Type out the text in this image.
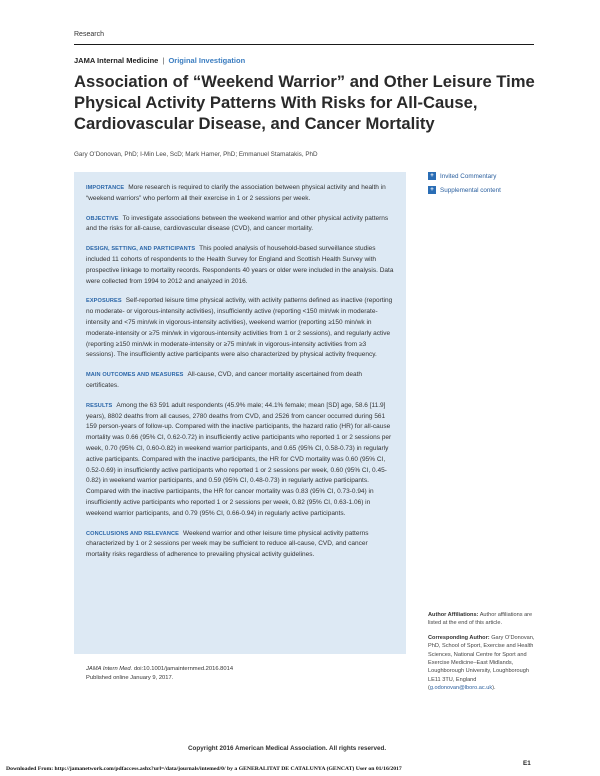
Research
JAMA Internal Medicine | Original Investigation
Association of “Weekend Warrior” and Other Leisure Time Physical Activity Patterns With Risks for All-Cause, Cardiovascular Disease, and Cancer Mortality
Gary O’Donovan, PhD; I-Min Lee, ScD; Mark Hamer, PhD; Emmanuel Stamatakis, PhD
+ Invited Commentary
+ Supplemental content
IMPORTANCE More research is required to clarify the association between physical activity and health in “weekend warriors” who perform all their exercise in 1 or 2 sessions per week.
OBJECTIVE To investigate associations between the weekend warrior and other physical activity patterns and the risks for all-cause, cardiovascular disease (CVD), and cancer mortality.
DESIGN, SETTING, AND PARTICIPANTS This pooled analysis of household-based surveillance studies included 11 cohorts of respondents to the Health Survey for England and Scottish Health Survey with prospective linkage to mortality records. Respondents 40 years or older were included in the analysis. Data were collected from 1994 to 2012 and analyzed in 2016.
EXPOSURES Self-reported leisure time physical activity, with activity patterns defined as inactive (reporting no moderate- or vigorous-intensity activities), insufficiently active (reporting <150 min/wk in moderate-intensity and <75 min/wk in vigorous-intensity activities), weekend warrior (reporting ≥150 min/wk in moderate-intensity or ≥75 min/wk in vigorous-intensity activities from 1 or 2 sessions), and regularly active (reporting ≥150 min/wk in moderate-intensity or ≥75 min/wk in vigorous-intensity activities from ≥3 sessions). The insufficiently active participants were also characterized by physical activity frequency.
MAIN OUTCOMES AND MEASURES All-cause, CVD, and cancer mortality ascertained from death certificates.
RESULTS Among the 63 591 adult respondents (45.9% male; 44.1% female; mean [SD] age, 58.6 [11.9] years), 8802 deaths from all causes, 2780 deaths from CVD, and 2526 from cancer occurred during 561 159 person-years of follow-up. Compared with the inactive participants, the hazard ratio (HR) for all-cause mortality was 0.66 (95% CI, 0.62-0.72) in insufficiently active participants who reported 1 or 2 sessions per week, 0.70 (95% CI, 0.60-0.82) in weekend warrior participants, and 0.65 (95% CI, 0.58-0.73) in regularly active participants. Compared with the inactive participants, the HR for CVD mortality was 0.60 (95% CI, 0.52-0.69) in insufficiently active participants who reported 1 or 2 sessions per week, 0.60 (95% CI, 0.45-0.82) in weekend warrior participants, and 0.59 (95% CI, 0.48-0.73) in regularly active participants. Compared with the inactive participants, the HR for cancer mortality was 0.83 (95% CI, 0.73-0.94) in insufficiently active participants who reported 1 or 2 sessions per week, 0.82 (95% CI, 0.63-1.06) in weekend warrior participants, and 0.79 (95% CI, 0.66-0.94) in regularly active participants.
CONCLUSIONS AND RELEVANCE Weekend warrior and other leisure time physical activity patterns characterized by 1 or 2 sessions per week may be sufficient to reduce all-cause, CVD, and cancer mortality risks regardless of adherence to prevailing physical activity guidelines.
JAMA Intern Med. doi:10.1001/jamainternmed.2016.8014
Published online January 9, 2017.

Author Affiliations: Author affiliations are listed at the end of this article.

Corresponding Author: Gary O’Donovan, PhD, School of Sport, Exercise and Health Sciences, National Centre for Sport and Exercise Medicine–East Midlands, Loughborough University, Loughborough LE11 3TU, England (g.odonovan@lboro.ac.uk).

Copyright 2016 American Medical Association. All rights reserved.
E1
Downloaded From: http://jamanetwork.com/pdfaccess.ashx?url=/data/journals/intemed/0/ by a GENERALITAT DE CATALUNYA (GENCAT) User on 01/16/2017
